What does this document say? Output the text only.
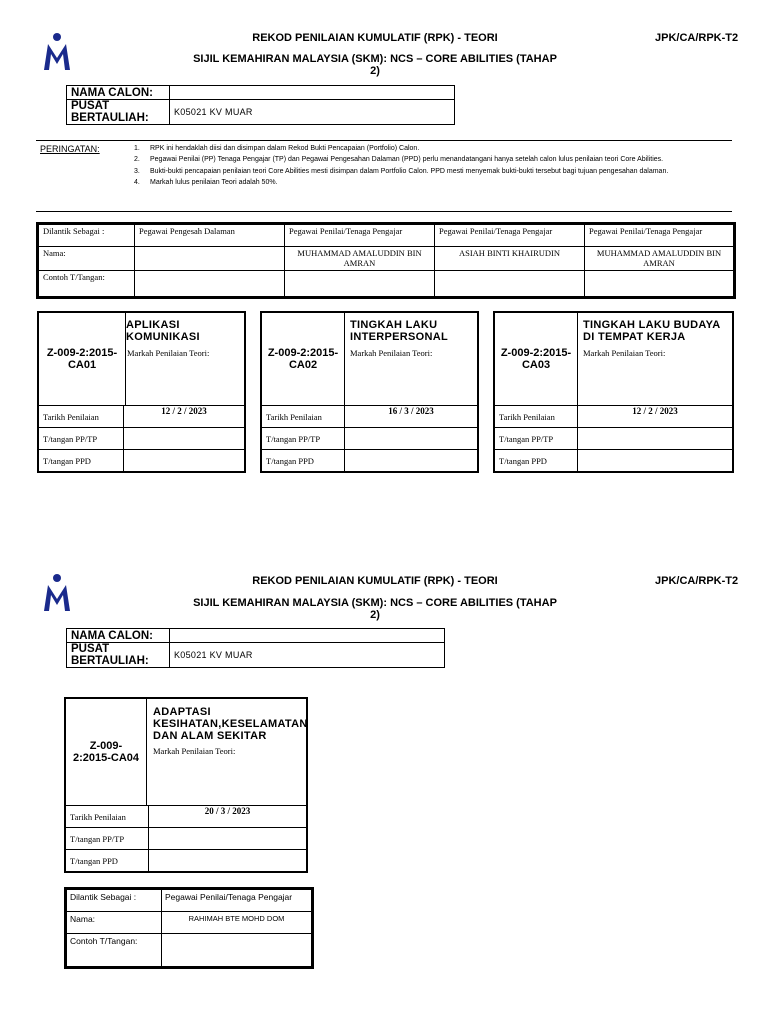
REKOD PENILAIAN KUMULATIF (RPK) - TEORI	JPK/CA/RPK-T2
SIJIL KEMAHIRAN MALAYSIA (SKM): NCS – CORE ABILITIES (TAHAP
2)
NAMA CALON:	
PUSAT BERTAULIAH:	K05021 KV MUAR
PERINGATAN:	1. RPK ini hendaklah diisi dan disimpan dalam Rekod Bukti Pencapaian (Portfolio) Calon.
2. Pegawai Penilai (PP) Tenaga Pengajar (TP) dan Pegawai Pengesahan Dalaman (PPD) perlu menandatangani hanya setelah calon lulus penilaian teori Core Abilities.
3. Bukti-bukti pencapaian penilaian teori Core Abilities mesti disimpan dalam Portfolio Calon. PPD mesti menyemak bukti-bukti tersebut bagi tujuan pengesahan dalaman.
4. Markah lulus penilaian Teori adalah 50%.
Dilantik Sebagai :	Pegawai Pengesah Dalaman	Pegawai Penilai/Tenaga Pengajar	Pegawai Penilai/Tenaga Pengajar	Pegawai Penilai/Tenaga Pengajar
Nama:		MUHAMMAD AMALUDDIN BIN AMRAN	ASIAH BINTI KHAIRUDIN	MUHAMMAD AMALUDDIN BIN AMRAN
Contoh T/Tangan:				
Z-009-2:2015-CA01
APLIKASI KOMUNIKASI
Markah Penilaian Teori:
Tarikh Penilaian
12 / 2 / 2023
T/tangan PP/TP
T/tangan PPD
Z-009-2:2015-CA02
TINGKAH LAKU INTERPERSONAL
Markah Penilaian Teori:
Tarikh Penilaian
16 / 3 / 2023
T/tangan PP/TP
T/tangan PPD
Z-009-2:2015-CA03
TINGKAH LAKU BUDAYA DI TEMPAT KERJA
Markah Penilaian Teori:
Tarikh Penilaian
12 / 2 / 2023
T/tangan PP/TP
T/tangan PPD
REKOD PENILAIAN KUMULATIF (RPK) - TEORI	JPK/CA/RPK-T2
SIJIL KEMAHIRAN MALAYSIA (SKM): NCS – CORE ABILITIES (TAHAP
2)
NAMA CALON:	
PUSAT BERTAULIAH:	K05021 KV MUAR
Z-009-
2:2015-CA04
ADAPTASI KESIHATAN,KESELAMATAN DAN ALAM SEKITAR
Markah Penilaian Teori:
Tarikh Penilaian
20 / 3 / 2023
T/tangan PP/TP
T/tangan PPD
Dilantik Sebagai :	Pegawai Penilai/Tenaga Pengajar
Nama:	RAHIMAH BTE MOHD DOM
Contoh T/Tangan:	
